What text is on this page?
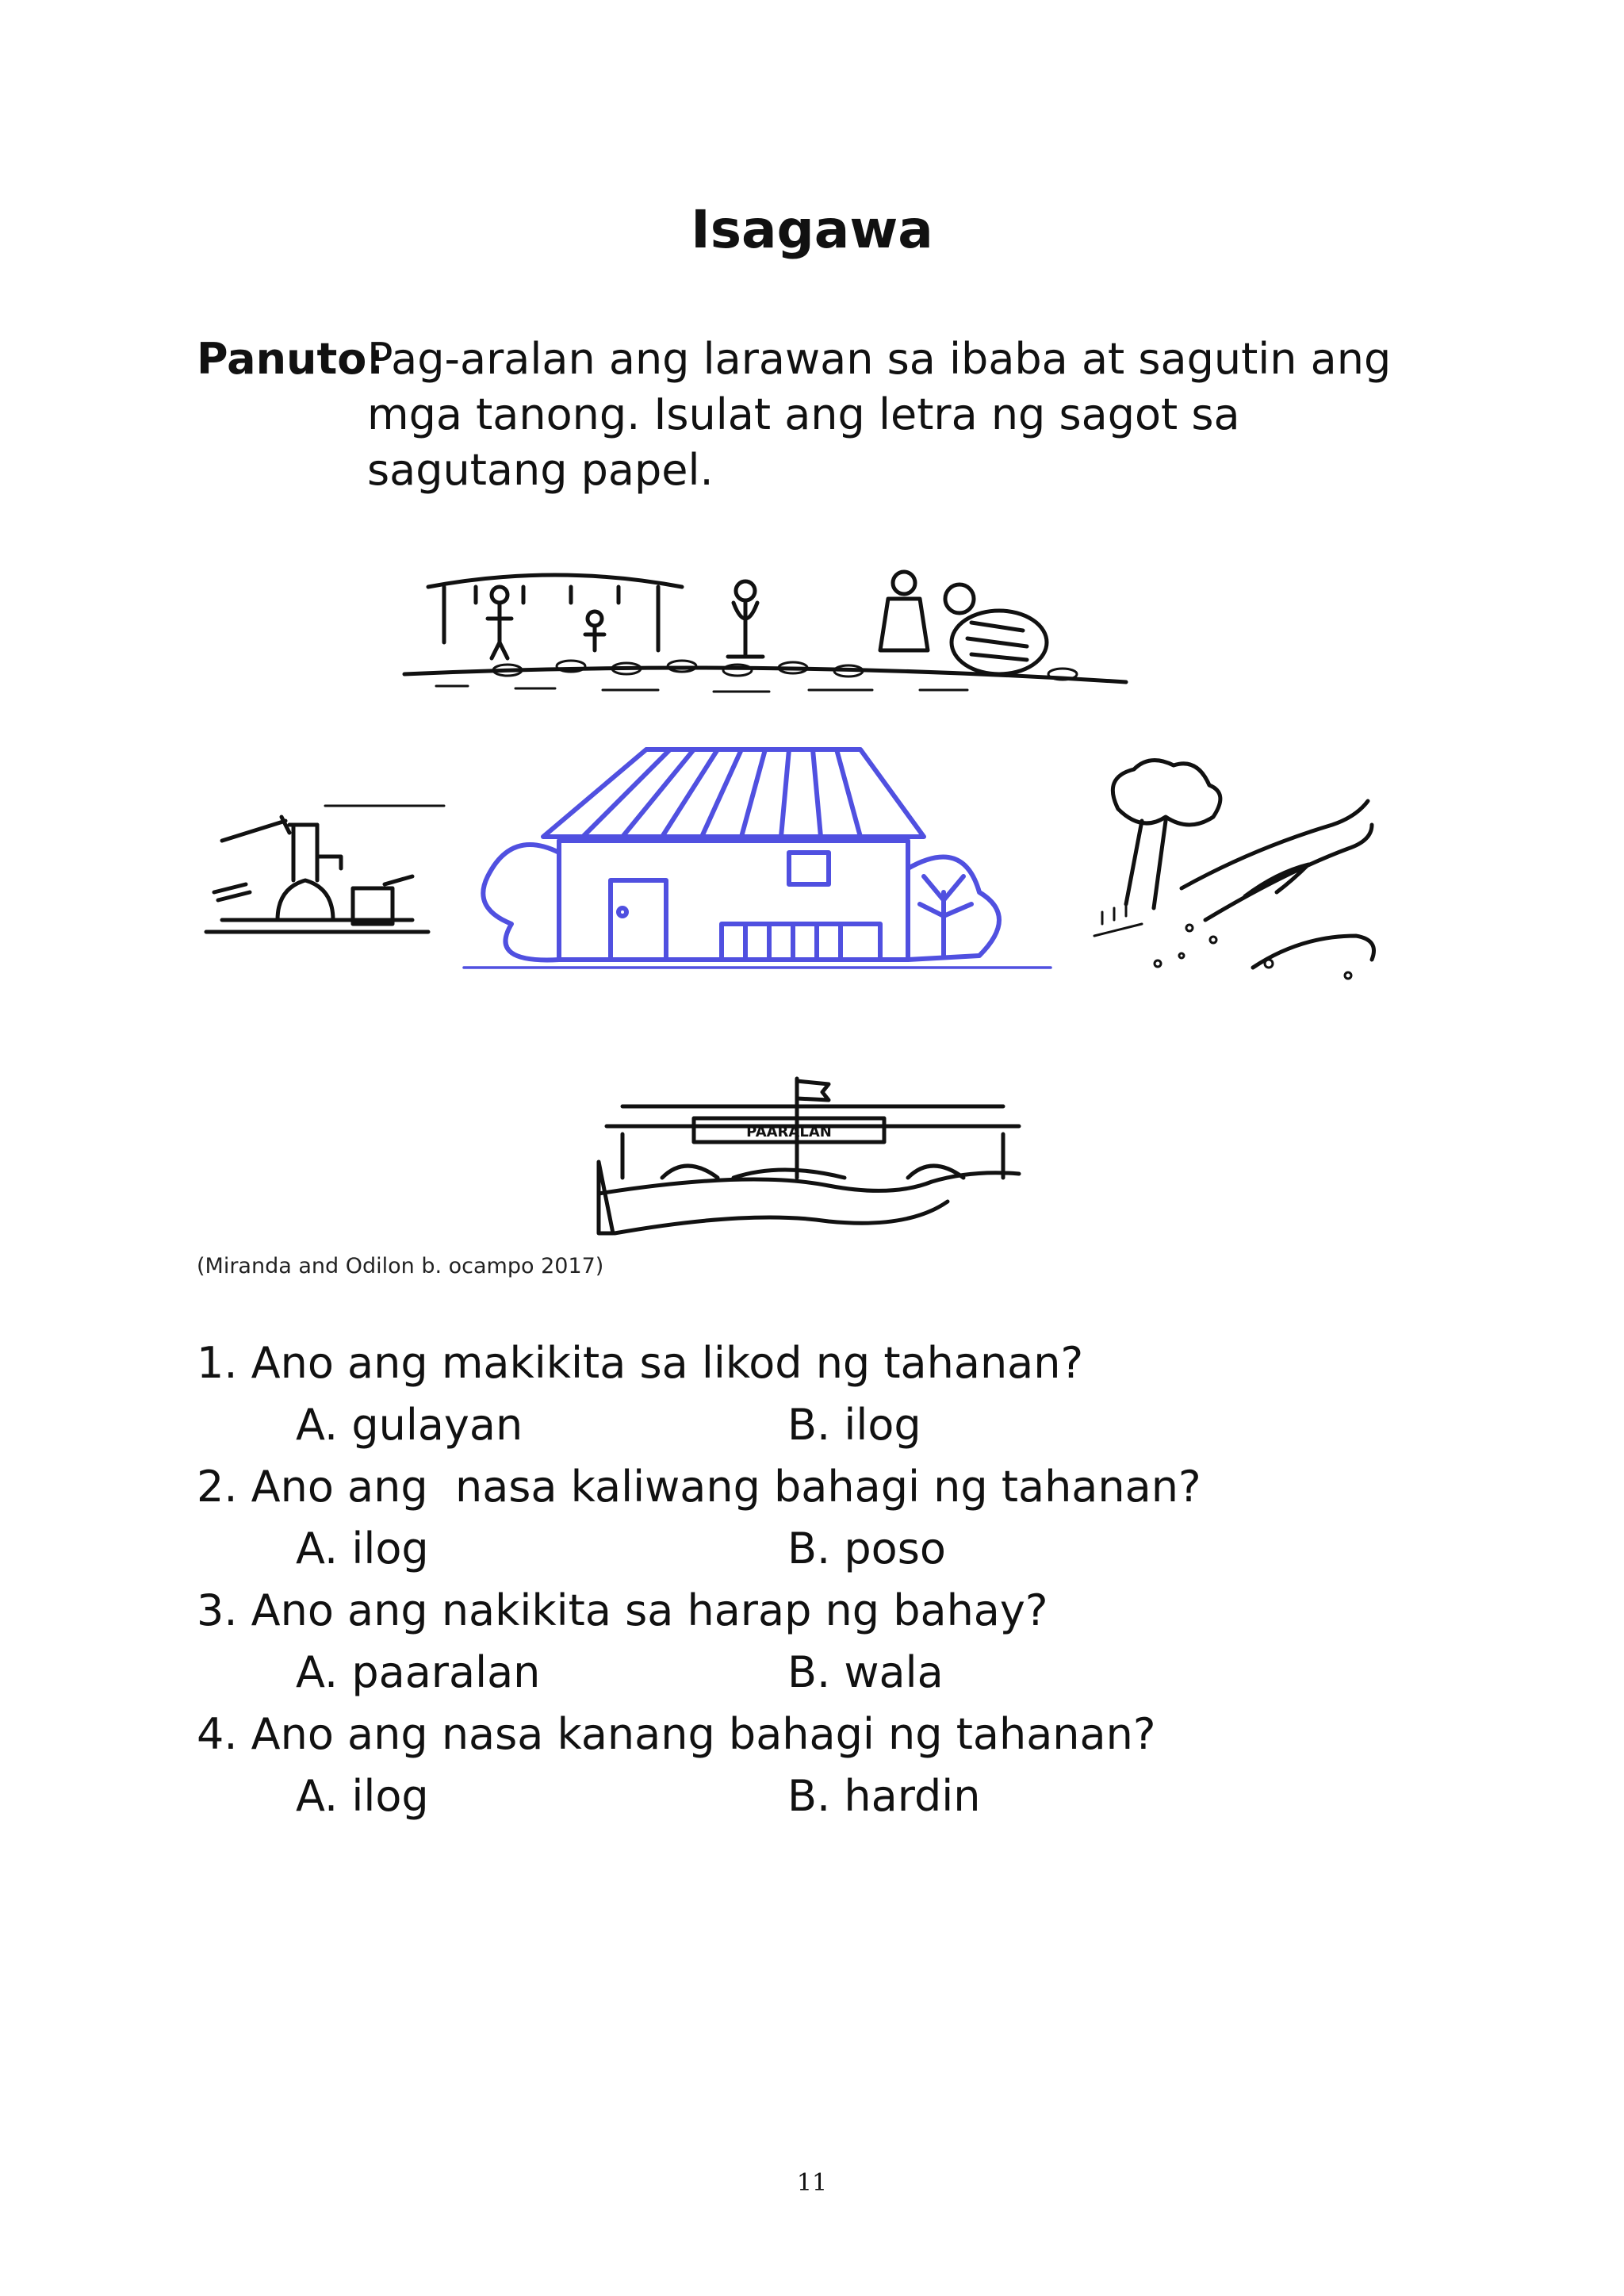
Isagawa
Panuto:
Pag-aralan ang larawan sa ibaba at sagutin ang
mga tanong. Isulat ang letra ng sagot sa
sagutang papel.
PAARALAN
(Miranda and Odilon b. ocampo 2017)
1. Ano ang makikita sa likod ng tahanan?
A. gulayan	B. ilog
2. Ano ang  nasa kaliwang bahagi ng tahanan?
A. ilog	B. poso
3. Ano ang nakikita sa harap ng bahay?
A. paaralan	B. wala
4. Ano ang nasa kanang bahagi ng tahanan?
A. ilog	B. hardin
11
